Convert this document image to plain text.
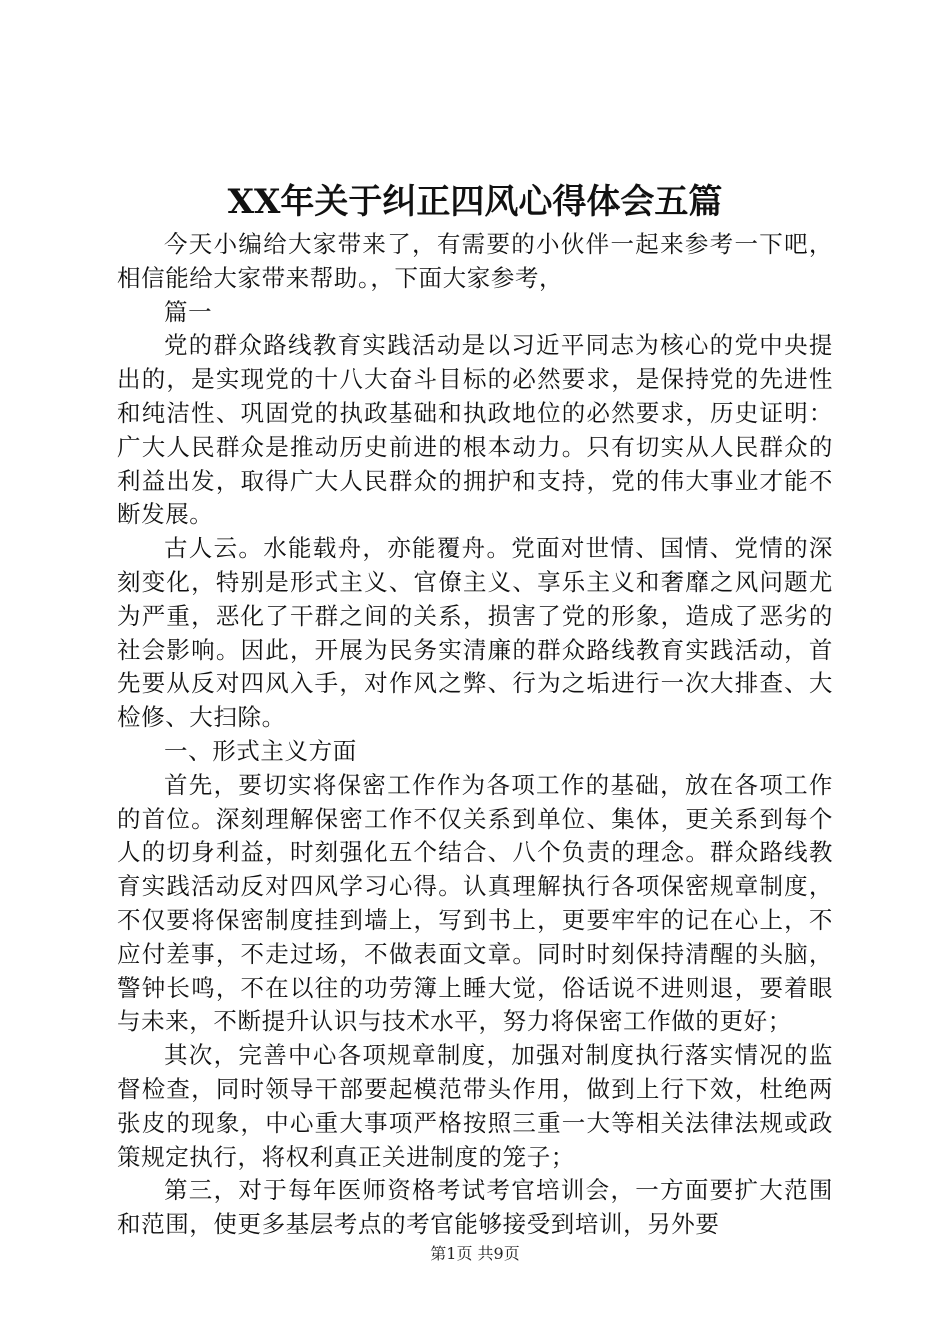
XX年关于纠正四风心得体会五篇

今天小编给大家带来了，有需要的小伙伴一起来参考一下吧，相信能给大家带来帮助。，下面大家参考，

篇一

党的群众路线教育实践活动是以习近平同志为核心的党中央提出的，是实现党的十八大奋斗目标的必然要求，是保持党的先进性和纯洁性、巩固党的执政基础和执政地位的必然要求，历史证明：广大人民群众是推动历史前进的根本动力。只有切实从人民群众的利益出发，取得广大人民群众的拥护和支持，党的伟大事业才能不断发展。

古人云。水能载舟，亦能覆舟。党面对世情、国情、党情的深刻变化，特别是形式主义、官僚主义、享乐主义和奢靡之风问题尤为严重，恶化了干群之间的关系，损害了党的形象，造成了恶劣的社会影响。因此，开展为民务实清廉的群众路线教育实践活动，首先要从反对四风入手，对作风之弊、行为之垢进行一次大排查、大检修、大扫除。

一、形式主义方面

首先，要切实将保密工作作为各项工作的基础，放在各项工作的首位。深刻理解保密工作不仅关系到单位、集体，更关系到每个人的切身利益，时刻强化五个结合、八个负责的理念。群众路线教育实践活动反对四风学习心得。认真理解执行各项保密规章制度，不仅要将保密制度挂到墙上，写到书上，更要牢牢的记在心上，不应付差事，不走过场，不做表面文章。同时时刻保持清醒的头脑，警钟长鸣，不在以往的功劳簿上睡大觉，俗话说不进则退，要着眼与未来，不断提升认识与技术水平，努力将保密工作做的更好；

其次，完善中心各项规章制度，加强对制度执行落实情况的监督检查，同时领导干部要起模范带头作用，做到上行下效，杜绝两张皮的现象，中心重大事项严格按照三重一大等相关法律法规或政策规定执行，将权利真正关进制度的笼子；

第三，对于每年医师资格考试考官培训会，一方面要扩大范围和范围，使更多基层考点的考官能够接受到培训，另外要

第1页 共9页
